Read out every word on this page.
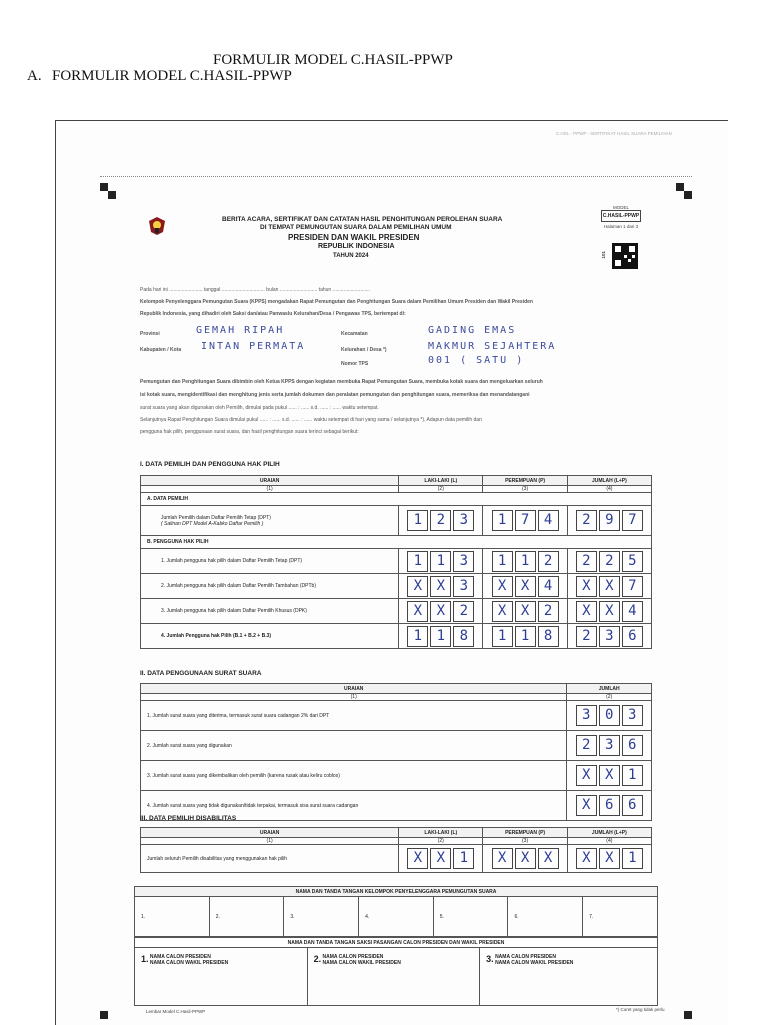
FORMULIR MODEL C.HASIL-PPWP
A. FORMULIR MODEL C.HASIL-PPWP
C.HSL - PPWP - SERTIFIKAT HASIL SUARA PEMILIHAN
BERITA ACARA, SERTIFIKAT DAN CATATAN HASIL PENGHITUNGAN PEROLEHAN SUARA
DI TEMPAT PEMUNGUTAN SUARA DALAM PEMILIHAN UMUM
PRESIDEN DAN WAKIL PRESIDEN
REPUBLIK INDONESIA
TAHUN 2024
MODEL
C.HASIL-PPWP
Halaman 1 dari 3
101
Pada hari ini ........................ tanggal ............................... bulan ........................... tahun ...........................
Kelompok Penyelenggara Pemungutan Suara (KPPS) mengadakan Rapat Pemungutan dan Penghitungan Suara dalam Pemilihan Umum Presiden dan Wakil Presiden
Republik Indonesia, yang dihadiri oleh Saksi dan/atau Panwaslu Kelurahan/Desa / Pengawas TPS, bertempat di:
Provinsi	GEMAH RIPAH
Kabupaten / Kota INTAN PERMATA
Kecamatan	GADING EMAS
Kelurahan / Desa *)	MAKMUR SEJAHTERA
Nomor TPS	001 ( SATU )
Pemungutan dan Penghitungan Suara dibimbin oleh Ketua KPPS dengan kegiatan membuka Rapat Pemungutan Suara, membuka kotak suara dan mengeluarkan seluruh
isi kotak suara, mengidentifikasi dan menghitung jenis serta jumlah dokumen dan peralatan pemungutan dan penghitungan suara, memeriksa dan menandatangani
surat suara yang akan digunakan oleh Pemilih, dimulai pada pukul ...... : ...... s.d. ...... : ...... waktu setempat.
Selanjutnya Rapat Penghitungan Suara dimulai pukul ...... : ...... s.d. ...... : ...... waktu setempat di hari yang sama / selanjutnya *). Adapun data pemilih dan
pengguna hak pilih, penggunaan surat suara, dan hasil penghitungan suara terinci sebagai berikut:
I. DATA PEMILIH DAN PENGGUNA HAK PILIH
URAIAN	LAKI-LAKI (L)	PEREMPUAN (P)	JUMLAH (L+P)
(1)	(2)	(3)	(4)
A. DATA PEMILIH			

Jumlah Pemilih dalam Daftar Pemilih Tetap (DPT)
( Salinan DPT Model A-Kabko Daftar Pemilih )	1 2 3	1 7 4	2 9 7
B. PENGGUNA HAK PILIH			
1. Jumlah pengguna hak pilih dalam Daftar Pemilih Tetap (DPT)	1 1 3	1 1 2	2 2 5
2. Jumlah pengguna hak pilih dalam Daftar Pemilih Tambahan (DPTb)	X X 3	X X 4	X X 7
3. Jumlah pengguna hak pilih dalam Daftar Pemilih Khusus (DPK)	X X 2	X X 2	X X 4
4. Jumlah Pengguna hak Pilih (B.1 + B.2 + B.3)	1 1 8	1 1 8	2 3 6
II. DATA PENGGUNAAN SURAT SUARA
URAIAN	JUMLAH
(1)	(2)
1. Jumlah surat suara yang diterima, termasuk surat suara cadangan 2% dari DPT	3 0 3
2. Jumlah surat suara yang digunakan	2 3 6
3. Jumlah surat suara yang dikembalikan oleh pemilih (karena rusak atau keliru coblos)	X X 1
4. Jumlah surat suara yang tidak digunakan/tidak terpakai, termasuk sisa surat suara cadangan	X 6 6
III. DATA PEMILIH DISABILITAS
URAIAN	LAKI-LAKI (L)	PEREMPUAN (P)	JUMLAH (L+P)
(1)	(2)	(3)	(4)
Jumlah seluruh Pemilih disabilitas yang menggunakan hak pilih	X X 1	X X X	X X 1
NAMA DAN TANDA TANGAN KELOMPOK PENYELENGGARA PEMUNGUTAN SUARA
1.	2.	3.	4.	5.	6.	7.
NAMA DAN TANDA TANGAN SAKSI PASANGAN CALON PRESIDEN DAN WAKIL PRESIDEN
1. NAMA CALON PRESIDEN
NAMA CALON WAKIL PRESIDEN	2. NAMA CALON PRESIDEN
NAMA CALON WAKIL PRESIDEN	3. NAMA CALON PRESIDEN
NAMA CALON WAKIL PRESIDEN
Lembar Model C.Hasil-PPWP	*) Coret yang tidak perlu
